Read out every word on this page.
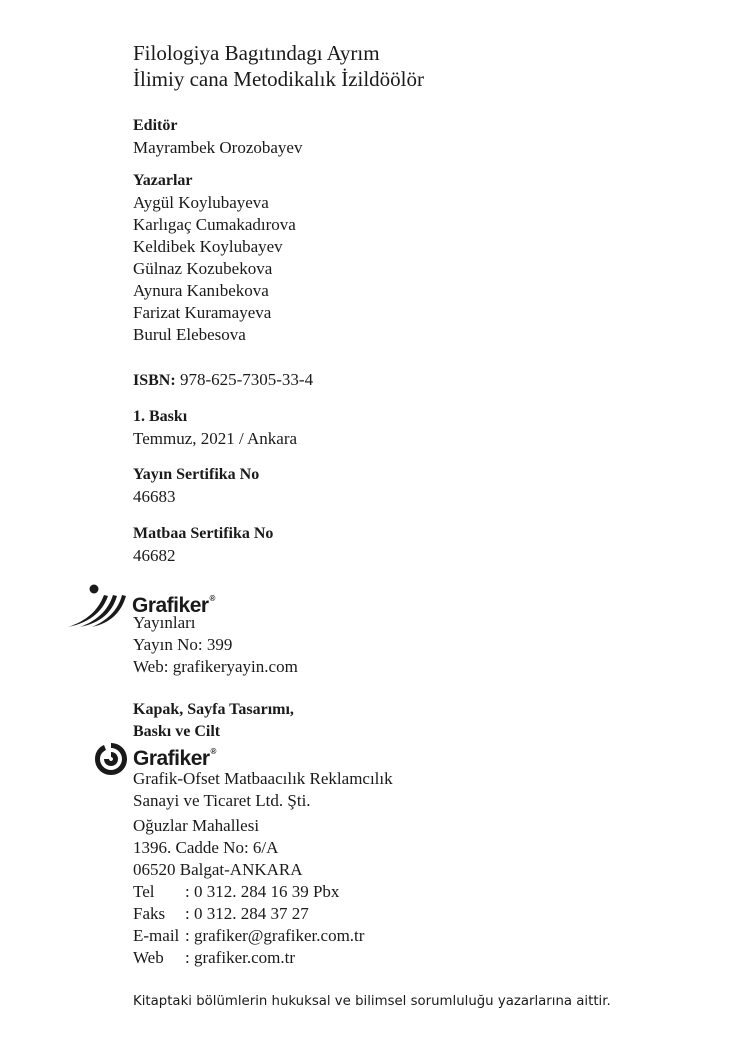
Filologiya Bagıtındagı Ayrım
İlimiy cana Metodikalık İzildöölör
Editör
Mayrambek Orozobayev
Yazarlar
Aygül Koylubayeva
Karlıgaç Cumakadırova
Keldibek Koylubayev
Gülnaz Kozubekova
Aynura Kanıbekova
Farizat Kuramayeva
Burul Elebesova
ISBN: 978-625-7305-33-4
1. Baskı
Temmuz, 2021 / Ankara
Yayın Sertifika No
46683
Matbaa Sertifika No
46682
Grafiker®
Yayınları
Yayın No: 399
Web: grafikeryayin.com
Kapak, Sayfa Tasarımı,
Baskı ve Cilt
Grafiker®
Grafik-Ofset Matbaacılık Reklamcılık
Sanayi ve Ticaret Ltd. Şti.
Oğuzlar Mahallesi
1396. Cadde No: 6/A
06520 Balgat-ANKARA
Tel	: 0 312. 284 16 39 Pbx
Faks	: 0 312. 284 37 27
E-mail : grafiker@grafiker.com.tr
Web	: grafiker.com.tr
Kitaptaki bölümlerin hukuksal ve bilimsel sorumluluğu yazarlarına aittir.
